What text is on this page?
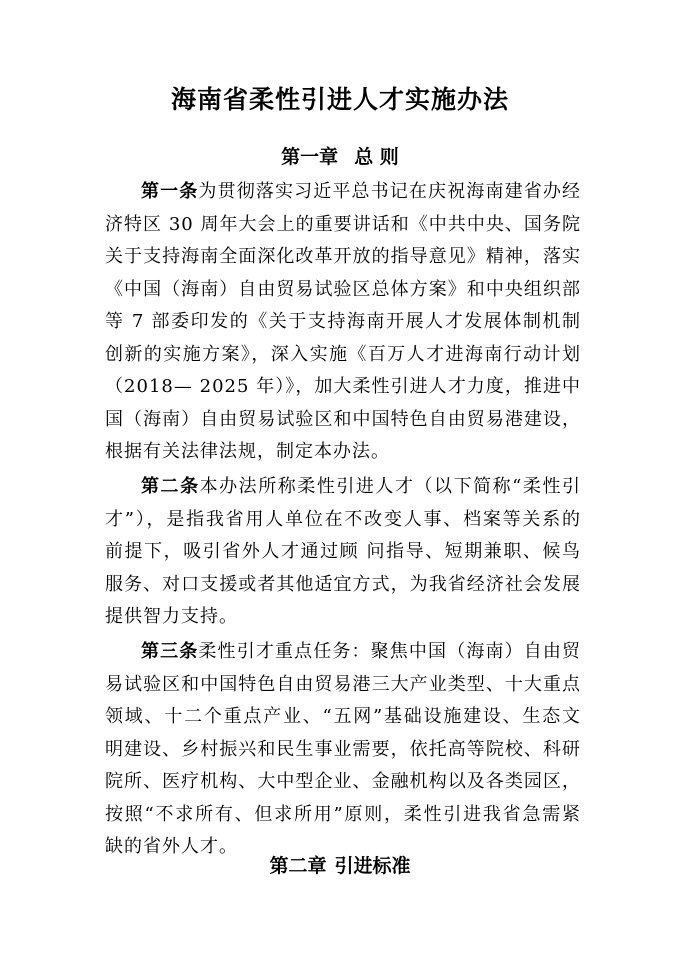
海南省柔性引进人才实施办法
第一章 总 则

第一条为贯彻落实习近平总书记在庆祝海南建省办经济特区 30 周年大会上的重要讲话和《中共中央、国务院关于支持海南全面深化改革开放的指导意见》精神，落实《中国（海南）自由贸易试验区总体方案》和中央组织部等 7 部委印发的《关于支持海南开展人才发展体制机制创新的实施方案》，深入实施《百万人才进海南行动计划（2018— 2025 年）》，加大柔性引进人才力度，推进中国（海南）自由贸易试验区和中国特色自由贸易港建设，根据有关法律法规，制定本办法。

第二条本办法所称柔性引进人才（以下简称“柔性引才”），是指我省用人单位在不改变人事、档案等关系的前提下，吸引省外人才通过顾 问指导、短期兼职、候鸟服务、对口支援或者其他适宜方式，为我省经济社会发展提供智力支持。

第三条柔性引才重点任务：聚焦中国（海南）自由贸易试验区和中国特色自由贸易港三大产业类型、十大重点领域、十二个重点产业、“五网”基础设施建设、生态文明建设、乡村振兴和民生事业需要，依托高等院校、科研院所、医疗机构、大中型企业、金融机构以及各类园区，按照“不求所有、但求所用”原则，柔性引进我省急需紧缺的省外人才。

第二章 引进标准
